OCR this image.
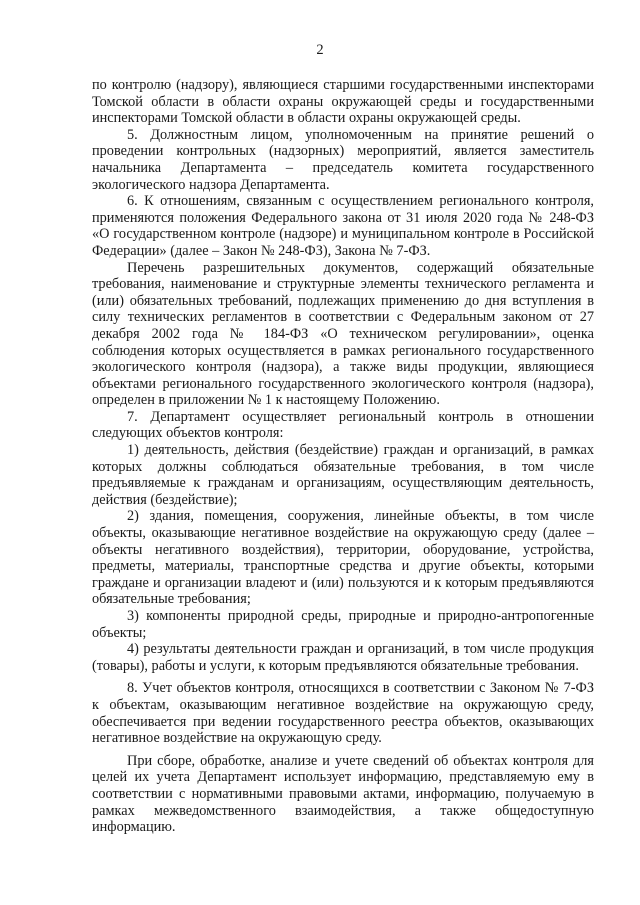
2

по контролю (надзору), являющиеся старшими государственными инспекторами Томской области в области охраны окружающей среды и государственными инспекторами Томской области в области охраны окружающей среды.

5. Должностным лицом, уполномоченным на принятие решений о проведении контрольных (надзорных) мероприятий, является заместитель начальника Департамента – председатель комитета государственного экологического надзора Департамента.

6. К отношениям, связанным с осуществлением регионального контроля, применяются положения Федерального закона от 31 июля 2020 года № 248-ФЗ «О государственном контроле (надзоре) и муниципальном контроле в Российской Федерации» (далее – Закон № 248-ФЗ), Закона № 7-ФЗ.

Перечень разрешительных документов, содержащий обязательные требования, наименование и структурные элементы технического регламента и (или) обязательных требований, подлежащих применению до дня вступления в силу технических регламентов в соответствии с Федеральным законом от 27 декабря 2002 года № 184-ФЗ «О техническом регулировании», оценка соблюдения которых осуществляется в рамках регионального государственного экологического контроля (надзора), а также виды продукции, являющиеся объектами регионального государственного экологического контроля (надзора), определен в приложении № 1 к настоящему Положению.

7. Департамент осуществляет региональный контроль в отношении следующих объектов контроля:

1) деятельность, действия (бездействие) граждан и организаций, в рамках которых должны соблюдаться обязательные требования, в том числе предъявляемые к гражданам и организациям, осуществляющим деятельность, действия (бездействие);

2) здания, помещения, сооружения, линейные объекты, в том числе объекты, оказывающие негативное воздействие на окружающую среду (далее – объекты негативного воздействия), территории, оборудование, устройства, предметы, материалы, транспортные средства и другие объекты, которыми граждане и организации владеют и (или) пользуются и к которым предъявляются обязательные требования;

3) компоненты природной среды, природные и природно-антропогенные объекты;

4) результаты деятельности граждан и организаций, в том числе продукция (товары), работы и услуги, к которым предъявляются обязательные требования.

8. Учет объектов контроля, относящихся в соответствии с Законом № 7-ФЗ к объектам, оказывающим негативное воздействие на окружающую среду, обеспечивается при ведении государственного реестра объектов, оказывающих негативное воздействие на окружающую среду.

При сборе, обработке, анализе и учете сведений об объектах контроля для целей их учета Департамент использует информацию, представляемую ему в соответствии с нормативными правовыми актами, информацию, получаемую в рамках межведомственного взаимодействия, а также общедоступную информацию.
